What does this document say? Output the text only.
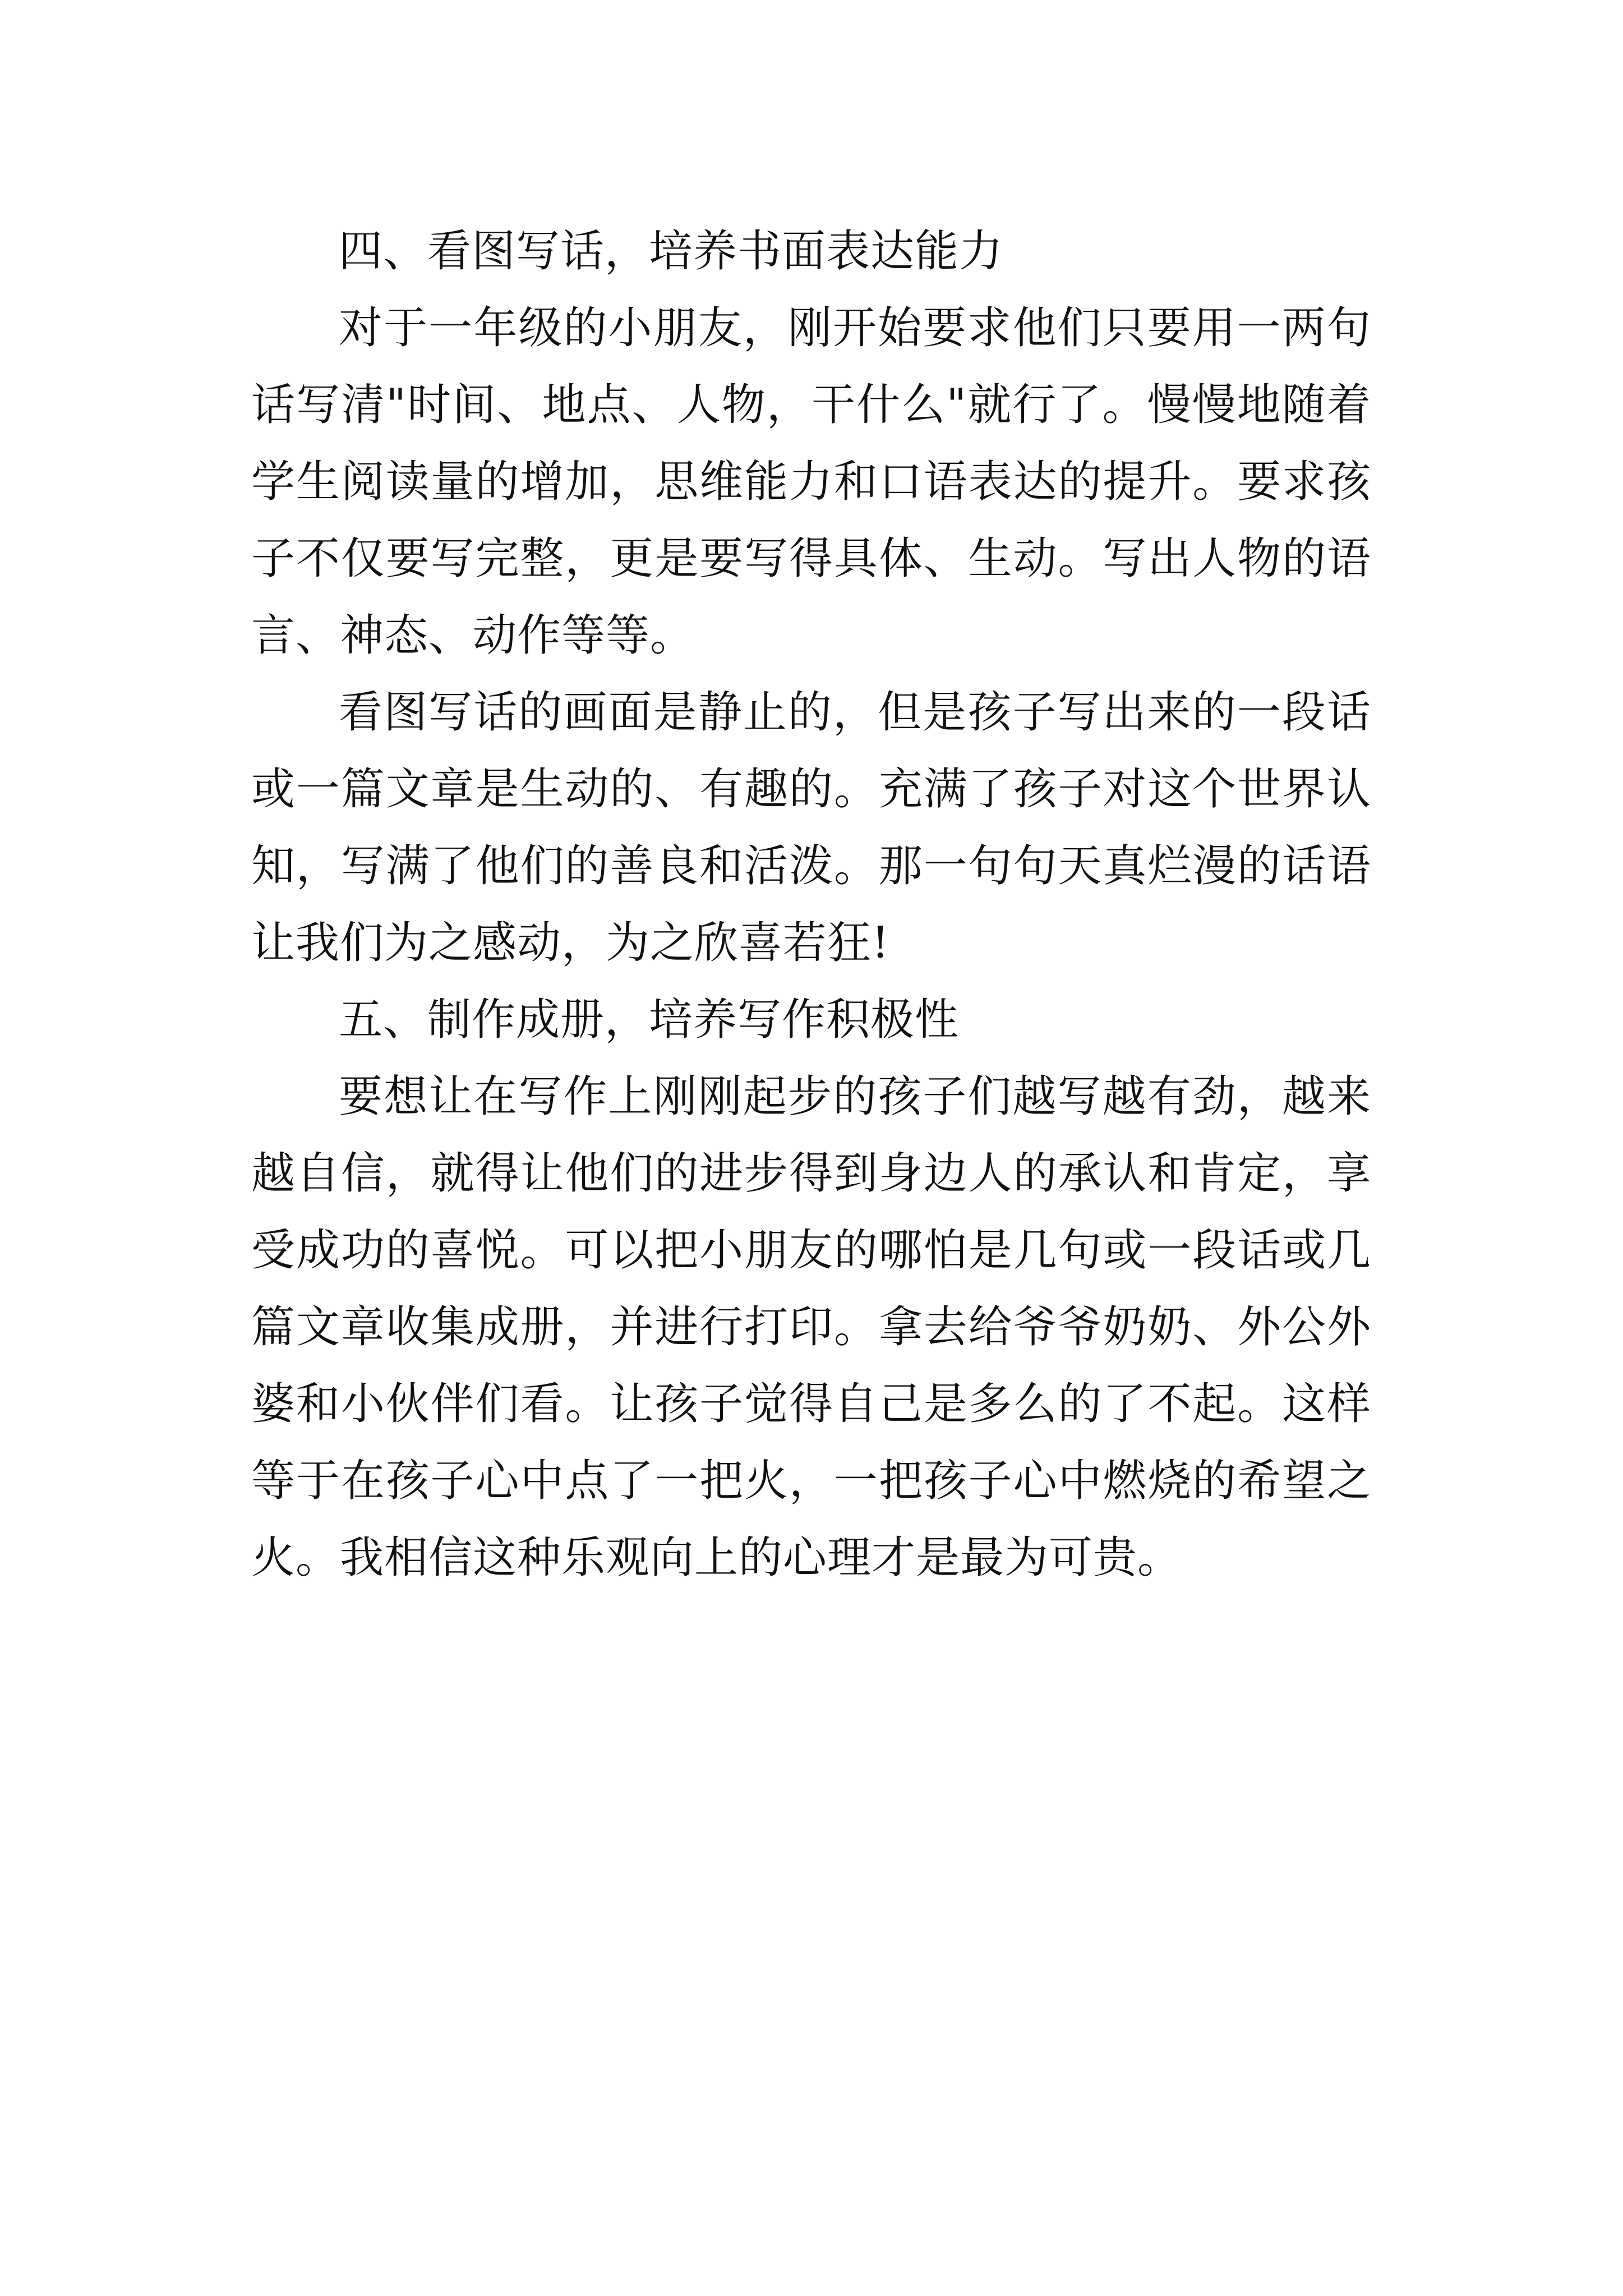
四、看图写话，培养书面表达能力

对于一年级的小朋友，刚开始要求他们只要用一两句话写清"时间、地点、人物，干什么"就行了。慢慢地随着学生阅读量的增加，思维能力和口语表达的提升。要求孩子不仅要写完整，更是要写得具体、生动。写出人物的语言、神态、动作等等。

看图写话的画面是静止的，但是孩子写出来的一段话或一篇文章是生动的、有趣的。充满了孩子对这个世界认知，写满了他们的善良和活泼。那一句句天真烂漫的话语让我们为之感动，为之欣喜若狂!

五、制作成册，培养写作积极性

要想让在写作上刚刚起步的孩子们越写越有劲，越来越自信，就得让他们的进步得到身边人的承认和肯定，享受成功的喜悦。可以把小朋友的哪怕是几句或一段话或几篇文章收集成册，并进行打印。拿去给爷爷奶奶、外公外婆和小伙伴们看。让孩子觉得自己是多么的了不起。这样等于在孩子心中点了一把火，一把孩子心中燃烧的希望之火。我相信这种乐观向上的心理才是最为可贵。
